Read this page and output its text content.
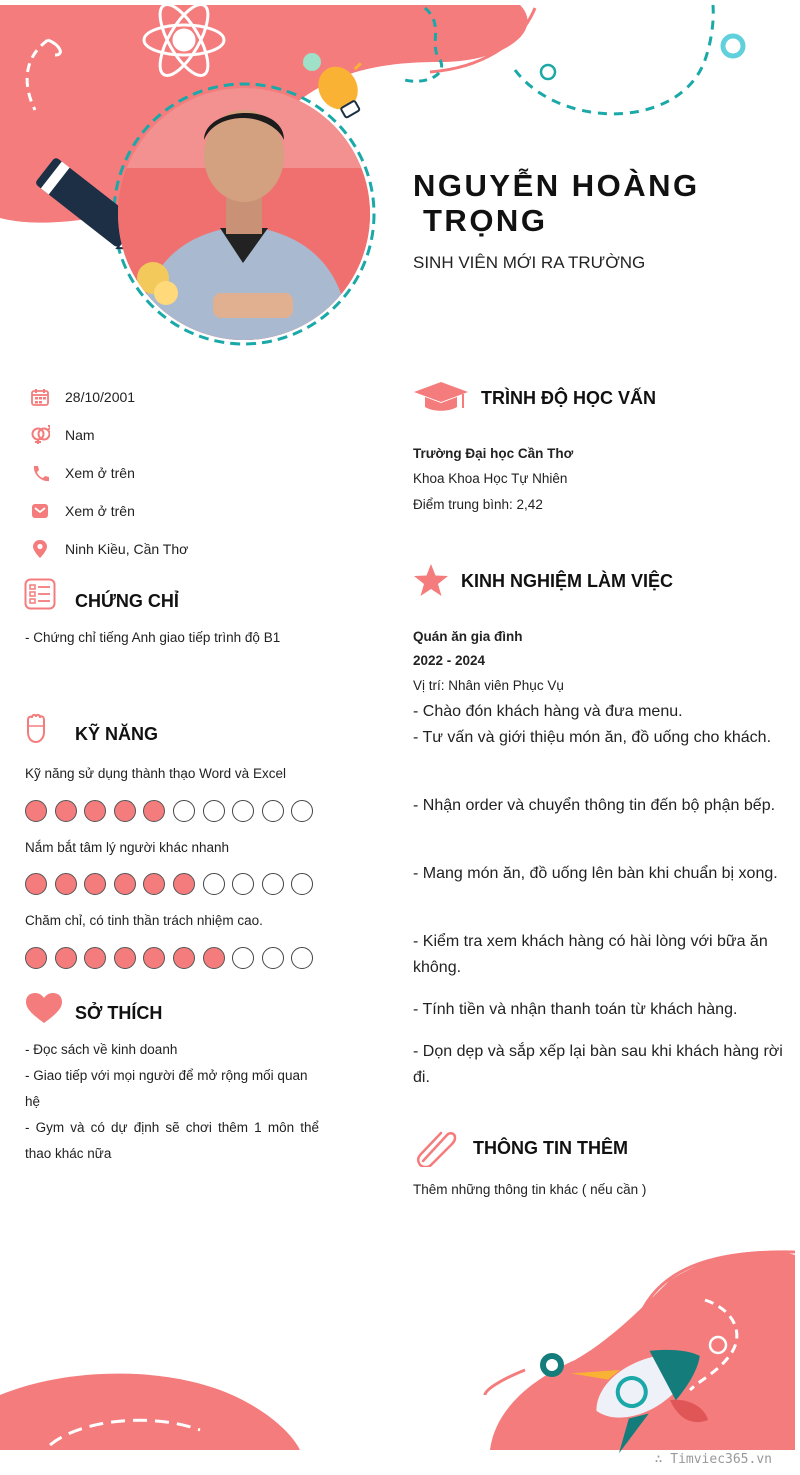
NGUYỄN HOÀNG
TRỌNG
SINH VIÊN MỚI RA TRƯỜNG
28/10/2001
Nam
Xem ở trên
Xem ở trên
Ninh Kiều, Cần Thơ
CHỨNG CHỈ
- Chứng chỉ tiếng Anh giao tiếp trình độ B1
KỸ NĂNG
Kỹ năng sử dụng thành thạo Word và Excel
Nắm bắt tâm lý người khác nhanh
Chăm chỉ, có tinh thần trách nhiệm cao.
SỞ THÍCH
- Đọc sách về kinh doanh
- Giao tiếp với mọi người để mở rộng mối quan
hệ
- Gym và có dự định sẽ chơi thêm 1 môn thể
thao khác nữa
TRÌNH ĐỘ HỌC VẤN
Trường Đại học Cần Thơ
Khoa Khoa Học Tự Nhiên
Điểm trung bình: 2,42
KINH NGHIỆM LÀM VIỆC
Quán ăn gia đình
2022 - 2024
Vị trí: Nhân viên Phục Vụ
- Chào đón khách hàng và đưa menu.
- Tư vấn và giới thiệu món ăn, đồ uống cho khách.
- Nhận order và chuyển thông tin đến bộ phận bếp.
- Mang món ăn, đồ uống lên bàn khi chuẩn bị xong.
- Kiểm tra xem khách hàng có hài lòng với bữa ăn không.
- Tính tiền và nhận thanh toán từ khách hàng.
- Dọn dẹp và sắp xếp lại bàn sau khi khách hàng rời đi.
THÔNG TIN THÊM
Thêm những thông tin khác ( nếu cần )
∴ Timviec365.vn
